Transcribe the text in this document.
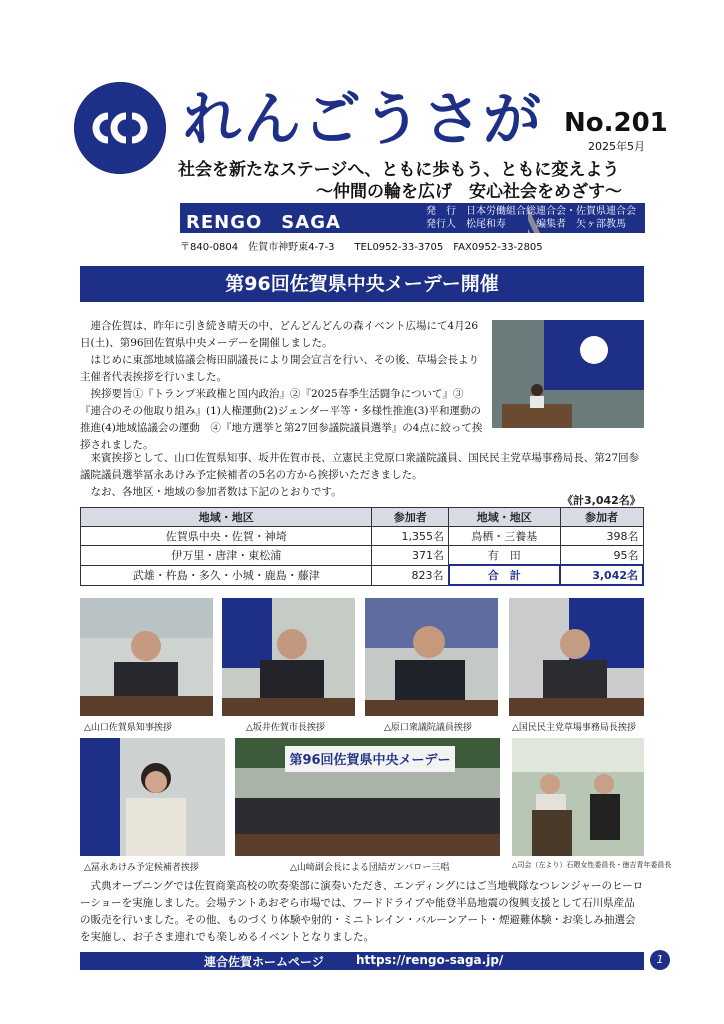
れんごうさが No.201
2025年5月
社会を新たなステージへ、ともに歩もう、ともに変えよう
～仲間の輪を広げ　安心社会をめざす～
RENGO　SAGA
発　行　日本労働組合総連合会・佐賀県連合会
発行人　松尾和寿　　　編集者　矢ヶ部教馬
〒840-0804　佐賀市神野東4-7-3　　TEL0952-33-3705　FAX0952-33-2805
第96回佐賀県中央メーデー開催
　連合佐賀は、昨年に引き続き晴天の中、どんどんどんの森イベント広場にて4月26日(土)、第96回佐賀県中央メーデーを開催しました。
　はじめに東部地域協議会梅田副議長により開会宣言を行い、その後、草場会長より主催者代表挨拶を行いました。
　挨拶要旨①『トランプ米政権と国内政治』②『2025春季生活闘争について』③『連合のその他取り組み』(1)人権運動(2)ジェンダー平等・多様性推進(3)平和運動の推進(4)地域協議会の運動　④『地方選挙と第27回参議院議員選挙』の4点に絞って挨拶されました。
　来賓挨拶として、山口佐賀県知事、坂井佐賀市長、立憲民主党原口衆議院議員、国民民主党草場事務局長、第27回参議院議員選挙冨永あけみ予定候補者の5名の方から挨拶いただきました。
　なお、各地区・地域の参加者数は下記のとおりです。
《計3,042名》
地域・地区	参加者	地域・地区	参加者
佐賀県中央・佐賀・神埼	1,355名	鳥栖・三養基	398名
伊万里・唐津・東松浦	371名	有　田	95名
武雄・杵島・多久・小城・鹿島・藤津	823名	合　計	3,042名
△山口佐賀県知事挨拶	△坂井佐賀市長挨拶	△原口衆議院議員挨拶	△国民民主党草場事務局長挨拶
第96回佐賀県中央メーデー
△冨永あけみ予定候補者挨拶	△山﨑副会長による団結ガンバロー三唱	△司会（左より）石隈女性委員長・徳吉青年委員長
　式典オープニングでは佐賀商業高校の吹奏楽部に演奏いただき、エンディングにはご当地戦隊なつレンジャーのヒーローショーを実施しました。会場テントあおぞら市場では、フードドライブや能登半島地震の復興支援として石川県産品の販売を行いました。その他、ものづくり体験や射的・ミニトレイン・バルーンアート・煙避難体験・お楽しみ抽選会を実施し、お子さま連れでも楽しめるイベントとなりました。
連合佐賀ホームページ	https://rengo-saga.jp/	1
